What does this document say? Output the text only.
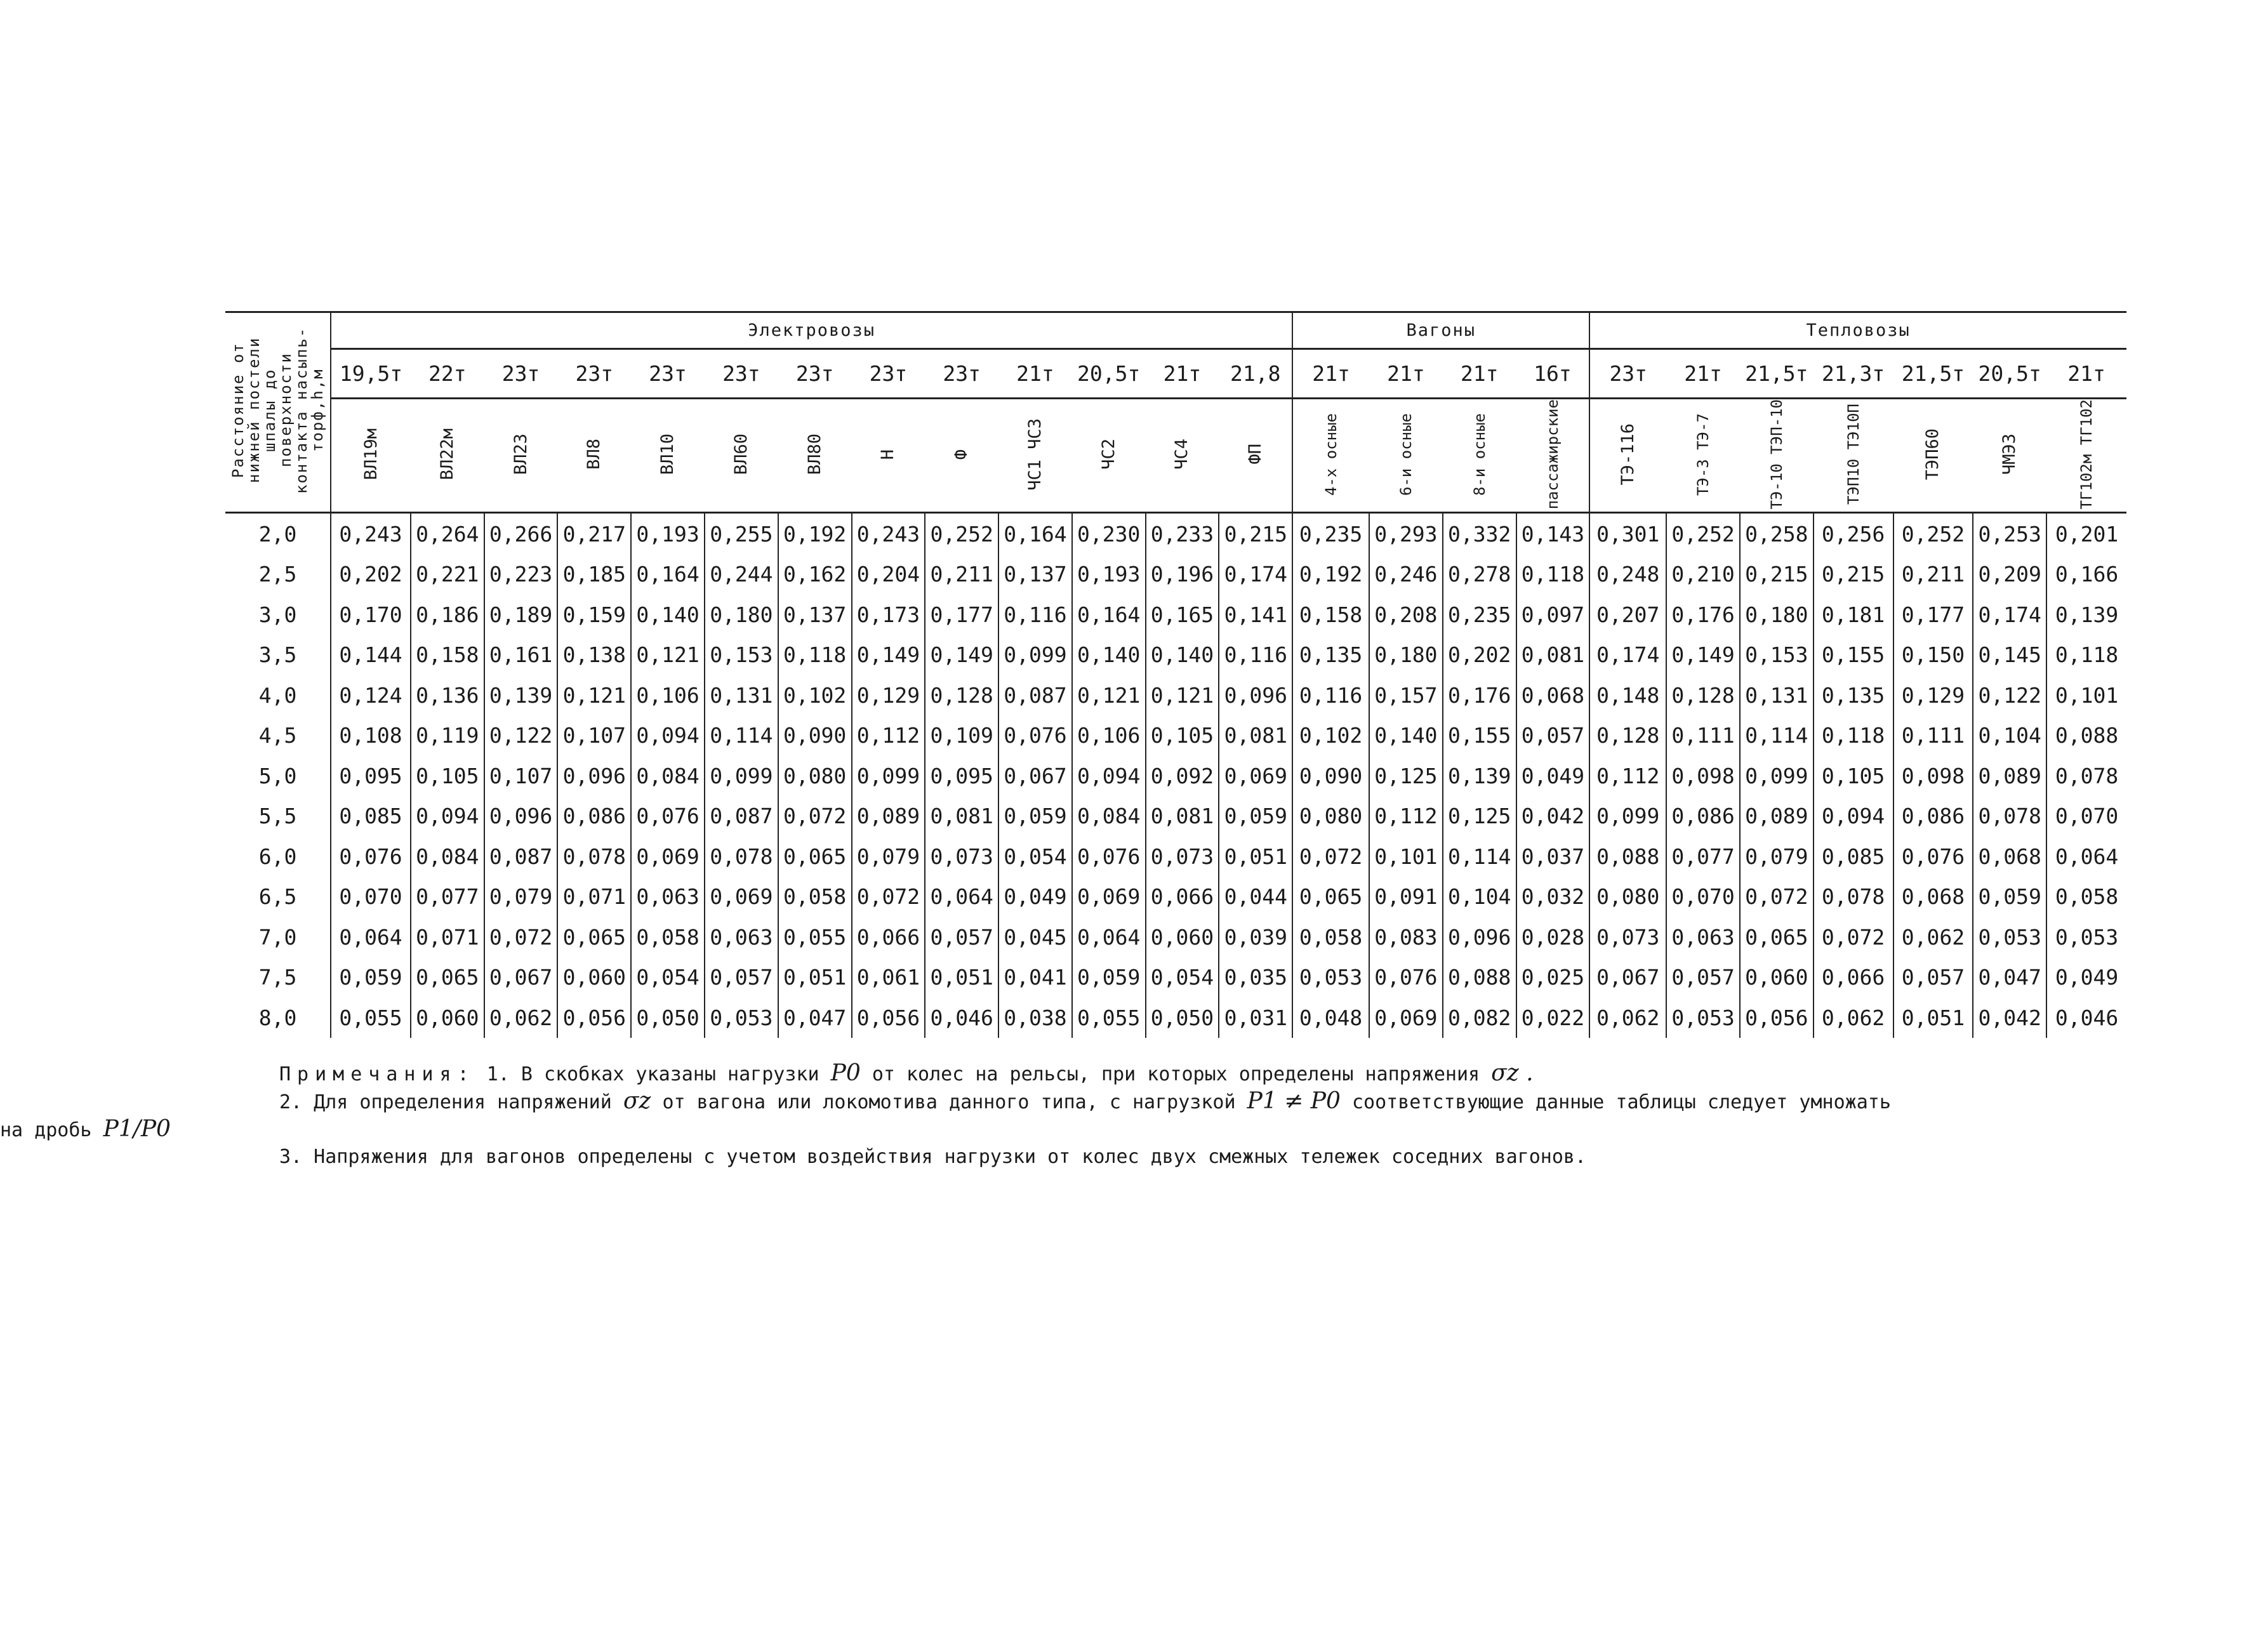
Расстояние от нижней постели шпалы до поверхности контакта насыпь-торф,h,м	Электровозы													Вагоны				Тепловозы						
	19,5т	22т	23т	23т	23т	23т	23т	23т	23т	21т	20,5т	21т	21,8	21т	21т	21т	16т	23т	21т	21,5т	21,3т	21,5т	20,5т	21т
	ВЛ19м	ВЛ22м	ВЛ23	ВЛ8	ВЛ10	ВЛ60	ВЛ80	Н	Ф	ЧС1 ЧС3	ЧС2	ЧС4	ФП	4-х осные	6-и осные	8-и осные	пассажирские	ТЭ-116	ТЭ-3 ТЭ-7	ТЭ-10 ТЭП-10	ТЭП10 ТЭ10П	ТЭП60	ЧМЭ3	ТГ102м ТГ102
2,0	0,243	0,264	0,266	0,217	0,193	0,255	0,192	0,243	0,252	0,164	0,230	0,233	0,215	0,235	0,293	0,332	0,143	0,301	0,252	0,258	0,256	0,252	0,253	0,201
2,5	0,202	0,221	0,223	0,185	0,164	0,244	0,162	0,204	0,211	0,137	0,193	0,196	0,174	0,192	0,246	0,278	0,118	0,248	0,210	0,215	0,215	0,211	0,209	0,166
3,0	0,170	0,186	0,189	0,159	0,140	0,180	0,137	0,173	0,177	0,116	0,164	0,165	0,141	0,158	0,208	0,235	0,097	0,207	0,176	0,180	0,181	0,177	0,174	0,139
3,5	0,144	0,158	0,161	0,138	0,121	0,153	0,118	0,149	0,149	0,099	0,140	0,140	0,116	0,135	0,180	0,202	0,081	0,174	0,149	0,153	0,155	0,150	0,145	0,118
4,0	0,124	0,136	0,139	0,121	0,106	0,131	0,102	0,129	0,128	0,087	0,121	0,121	0,096	0,116	0,157	0,176	0,068	0,148	0,128	0,131	0,135	0,129	0,122	0,101
4,5	0,108	0,119	0,122	0,107	0,094	0,114	0,090	0,112	0,109	0,076	0,106	0,105	0,081	0,102	0,140	0,155	0,057	0,128	0,111	0,114	0,118	0,111	0,104	0,088
5,0	0,095	0,105	0,107	0,096	0,084	0,099	0,080	0,099	0,095	0,067	0,094	0,092	0,069	0,090	0,125	0,139	0,049	0,112	0,098	0,099	0,105	0,098	0,089	0,078
5,5	0,085	0,094	0,096	0,086	0,076	0,087	0,072	0,089	0,081	0,059	0,084	0,081	0,059	0,080	0,112	0,125	0,042	0,099	0,086	0,089	0,094	0,086	0,078	0,070
6,0	0,076	0,084	0,087	0,078	0,069	0,078	0,065	0,079	0,073	0,054	0,076	0,073	0,051	0,072	0,101	0,114	0,037	0,088	0,077	0,079	0,085	0,076	0,068	0,064
6,5	0,070	0,077	0,079	0,071	0,063	0,069	0,058	0,072	0,064	0,049	0,069	0,066	0,044	0,065	0,091	0,104	0,032	0,080	0,070	0,072	0,078	0,068	0,059	0,058
7,0	0,064	0,071	0,072	0,065	0,058	0,063	0,055	0,066	0,057	0,045	0,064	0,060	0,039	0,058	0,083	0,096	0,028	0,073	0,063	0,065	0,072	0,062	0,053	0,053
7,5	0,059	0,065	0,067	0,060	0,054	0,057	0,051	0,061	0,051	0,041	0,059	0,054	0,035	0,053	0,076	0,088	0,025	0,067	0,057	0,060	0,066	0,057	0,047	0,049
8,0	0,055	0,060	0,062	0,056	0,050	0,053	0,047	0,056	0,046	0,038	0,055	0,050	0,031	0,048	0,069	0,082	0,022	0,062	0,053	0,056	0,062	0,051	0,042	0,046

Примечания: 1. В скобках указаны нагрузки P0 от колес на рельсы, при которых определены напряжения σz .

2. Для определения напряжений σz от вагона или локомотива данного типа, с нагрузкой P1 ≠ P0 соответствующие данные таблицы следует умножать

на дробь P1/P0

3. Напряжения для вагонов определены с учетом воздействия нагрузки от колес двух смежных тележек соседних вагонов.
